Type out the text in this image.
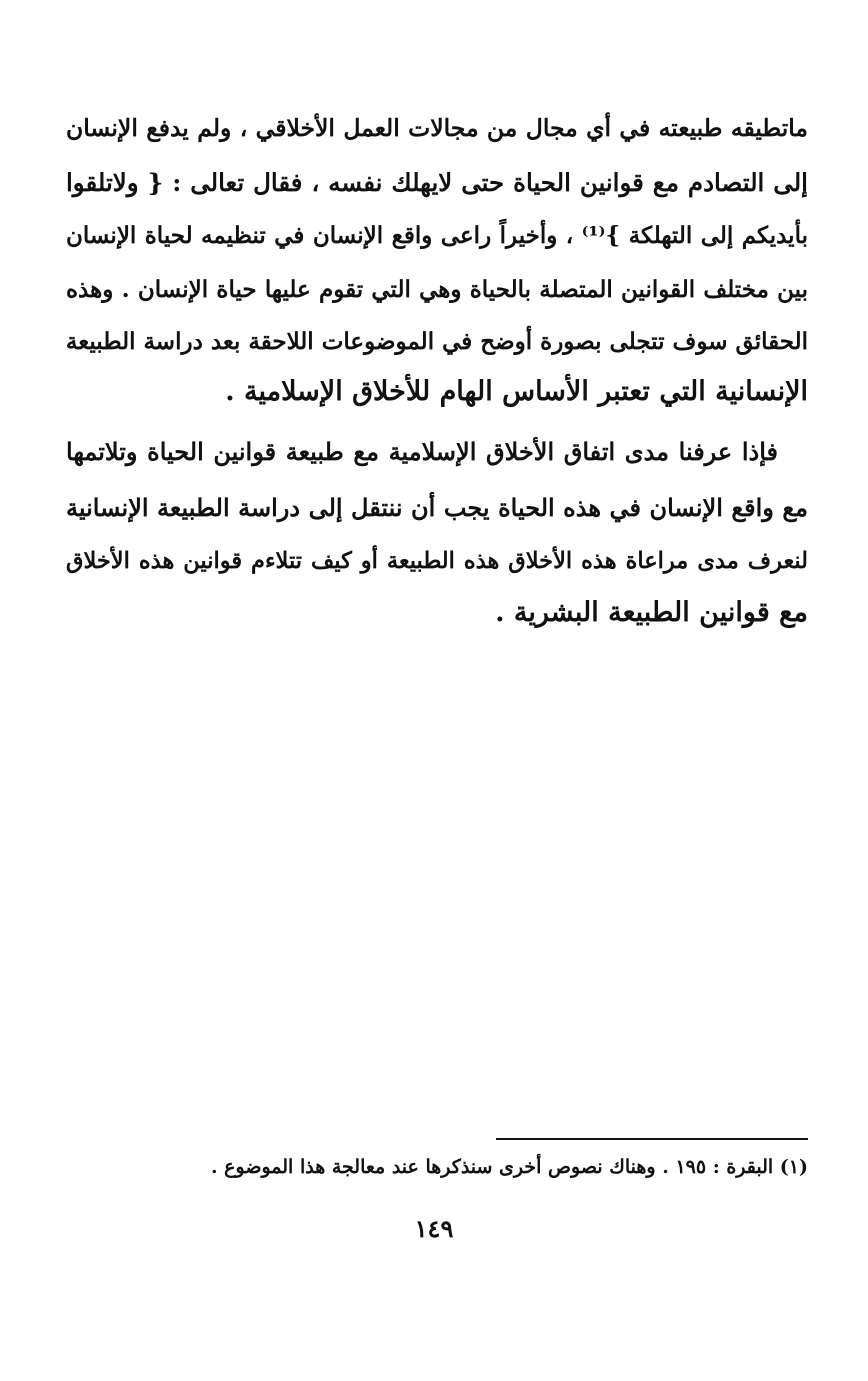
ماتطيقه طبيعته في أي مجال من مجالات العمل الأخلاقي ، ولم يدفع الإنسان
إلى التصادم مع قوانين الحياة حتى لايهلك نفسه ، فقال تعالى : { ولاتلقوا
بأيديكم إلى التهلكة }⁽¹⁾ ، وأخيراً راعى واقع الإنسان في تنظيمه لحياة الإنسان
بين مختلف القوانين المتصلة بالحياة وهي التي تقوم عليها حياة الإنسان . وهذه
الحقائق سوف تتجلى بصورة أوضح في الموضوعات اللاحقة بعد دراسة الطبيعة
الإنسانية التي تعتبر الأساس الهام للأخلاق الإسلامية .
فإذا عرفنا مدى اتفاق الأخلاق الإسلامية مع طبيعة قوانين الحياة وتلاتمها
مع واقع الإنسان في هذه الحياة يجب أن ننتقل إلى دراسة الطبيعة الإنسانية
لنعرف مدى مراعاة هذه الأخلاق هذه الطبيعة أو كيف تتلاءم قوانين هذه الأخلاق
مع قوانين الطبيعة البشرية .
(١) البقرة : ١٩٥ . وهناك نصوص أخرى سنذكرها عند معالجة هذا الموضوع .
١٤٩
